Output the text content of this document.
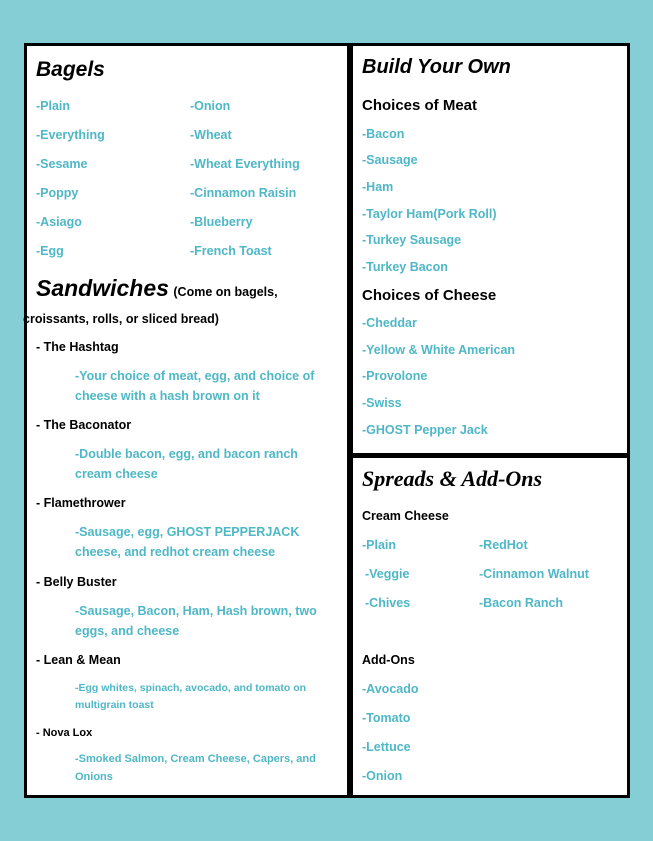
Bagels
-Plain
-Everything
-Sesame
-Poppy
-Asiago
-Egg
-Onion
-Wheat
-Wheat Everything
-Cinnamon Raisin
-Blueberry
-French Toast
Sandwiches (Come on bagels,
croissants, rolls, or sliced bread)
- The Hashtag
-Your choice of meat, egg, and choice of cheese with a hash brown on it
- The Baconator
-Double bacon, egg, and bacon ranch cream cheese
- Flamethrower
-Sausage, egg, GHOST PEPPERJACK cheese, and redhot cream cheese
- Belly Buster
-Sausage, Bacon, Ham, Hash brown, two eggs, and cheese
- Lean & Mean
-Egg whites, spinach, avocado, and tomato on multigrain toast
- Nova Lox
-Smoked Salmon, Cream Cheese, Capers, and Onions
Build Your Own
Choices of Meat
-Bacon
-Sausage
-Ham
-Taylor Ham(Pork Roll)
-Turkey Sausage
-Turkey Bacon
Choices of Cheese
-Cheddar
-Yellow & White American
-Provolone
-Swiss
-GHOST Pepper Jack
Spreads & Add-Ons
Cream Cheese
-Plain
-Veggie
-Chives
-RedHot
-Cinnamon Walnut
-Bacon Ranch
Add-Ons
-Avocado
-Tomato
-Lettuce
-Onion
